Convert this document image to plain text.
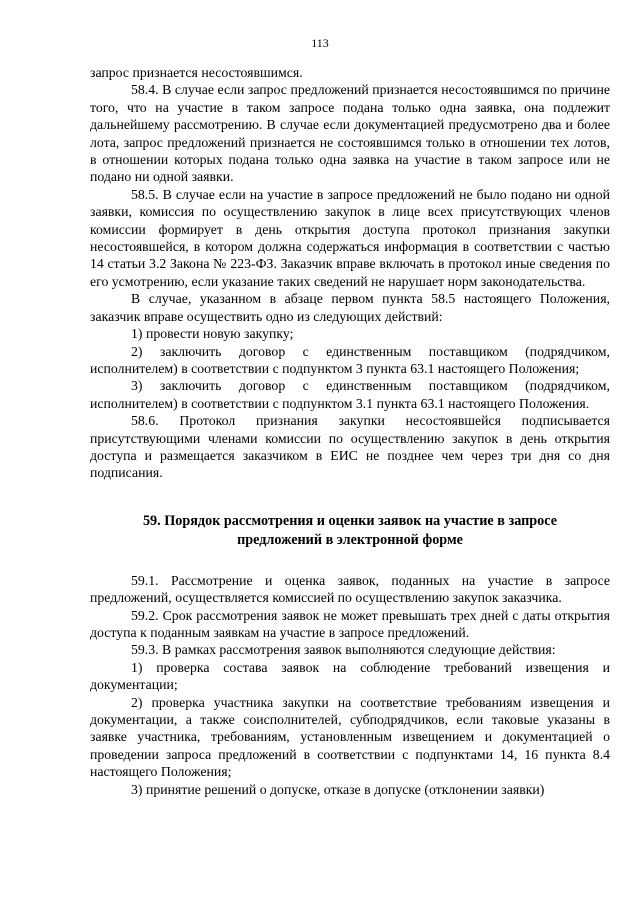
113

запрос признается несостоявшимся.

58.4. В случае если запрос предложений признается несостоявшимся по причине того, что на участие в таком запросе подана только одна заявка, она подлежит дальнейшему рассмотрению. В случае если документацией предусмотрено два и более лота, запрос предложений признается не состоявшимся только в отношении тех лотов, в отношении которых подана только одна заявка на участие в таком запросе или не подано ни одной заявки.

58.5. В случае если на участие в запросе предложений не было подано ни одной заявки, комиссия по осуществлению закупок в лице всех присутствующих членов комиссии формирует в день открытия доступа протокол признания закупки несостоявшейся, в котором должна содержаться информация в соответствии с частью 14 статьи 3.2 Закона № 223-ФЗ. Заказчик вправе включать в протокол иные сведения по его усмотрению, если указание таких сведений не нарушает норм законодательства.

В случае, указанном в абзаце первом пункта 58.5 настоящего Положения, заказчик вправе осуществить одно из следующих действий:

1) провести новую закупку;

2) заключить договор с единственным поставщиком (подрядчиком, исполнителем) в соответствии с подпунктом 3 пункта 63.1 настоящего Положения;

3) заключить договор с единственным поставщиком (подрядчиком, исполнителем) в соответствии с подпунктом 3.1 пункта 63.1 настоящего Положения.

58.6. Протокол признания закупки несостоявшейся подписывается присутствующими членами комиссии по осуществлению закупок в день открытия доступа и размещается заказчиком в ЕИС не позднее чем через три дня со дня подписания.

59. Порядок рассмотрения и оценки заявок на участие в запросе предложений в электронной форме

59.1. Рассмотрение и оценка заявок, поданных на участие в запросе предложений, осуществляется комиссией по осуществлению закупок заказчика.

59.2. Срок рассмотрения заявок не может превышать трех дней с даты открытия доступа к поданным заявкам на участие в запросе предложений.

59.3. В рамках рассмотрения заявок выполняются следующие действия:

1) проверка состава заявок на соблюдение требований извещения и документации;

2) проверка участника закупки на соответствие требованиям извещения и документации, а также соисполнителей, субподрядчиков, если таковые указаны в заявке участника, требованиям, установленным извещением и документацией о проведении запроса предложений в соответствии с подпунктами 14, 16 пункта 8.4 настоящего Положения;

3) принятие решений о допуске, отказе в допуске (отклонении заявки)
